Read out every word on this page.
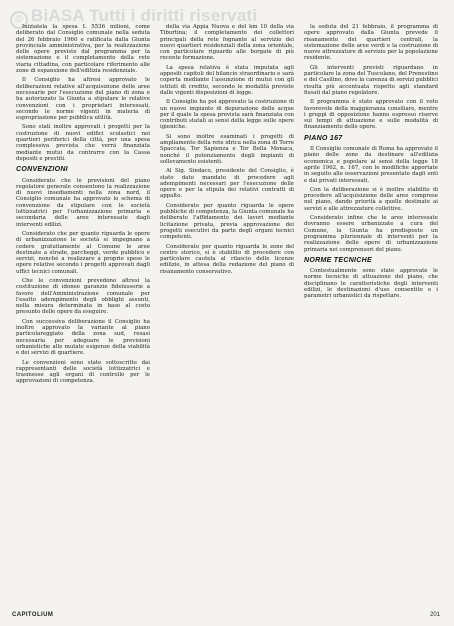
© BiASA Tutti i diritti riservati

Iniziatela la spesa L 5536 milioni, come deliberato dal Consiglio comunale nella seduta del 26 febbraio 1960 e ratificata dalla Giunta provinciale amministrativa, per la realizzazione delle opere previste dal programma per la sistemazione e il completamento della rete viaria cittadina, con particolare riferimento alle zone di espansione dell'edilizia residenziale.

Il Consiglio ha altresì approvato le deliberazioni relative all'acquisizione delle aree necessarie per l'esecuzione del piano di zona e ha autorizzato la Giunta a stipulare le relative convenzioni con i proprietari interessati, secondo le norme vigenti in materia di espropriazione per pubblica utilità.

Sono stati inoltre approvati i progetti per la costruzione di nuovi edifici scolastici nei quartieri periferici della città, per una spesa complessiva prevista che verrà finanziata mediante mutui da contrarre con la Cassa depositi e prestiti.

CONVENZIONI

Considerato che le previsioni del piano regolatore generale consentono la realizzazione di nuovi insediamenti nella zona nord, il Consiglio comunale ha approvato lo schema di convenzione da stipulare con le società lottizzatrici per l'urbanizzazione primaria e secondaria delle aree interessate dagli interventi edilizi.

Considerato che per quanto riguarda le opere di urbanizzazione le società si impegnano a cedere gratuitamente al Comune le aree destinate a strade, parcheggi, verde pubblico e servizi, nonché a realizzare a proprie spese le opere relative secondo i progetti approvati dagli uffici tecnici comunali.

Che le convenzioni prevedono altresì la costituzione di idonee garanzie fideiussorie a favore dell'Amministrazione comunale per l'esatto adempimento degli obblighi assunti, nella misura determinata in base al costo presunto delle opere da eseguire.

Con successiva deliberazione il Consiglio ha inoltre approvato la variante al piano particolareggiato della zona sud, resasi necessaria per adeguare le previsioni urbanistiche alle mutate esigenze della viabilità e dei servizi di quartiere.

Le convenzioni sono state sottoscritte dai rappresentanti delle società lottizzatrici e trasmesse agli organi di controllo per le approvazioni di competenza.

della via Appia Nuova e del km 10 della via Tiburtina; il completamento dei collettori principali della rete fognante al servizio dei nuovi quartieri residenziali della zona orientale, con particolare riguardo alle borgate di più recente formazione.

La spesa relativa è stata imputata agli appositi capitoli del bilancio straordinario e sarà coperta mediante l'assunzione di mutui con gli istituti di credito, secondo le modalità previste dalle vigenti disposizioni di legge.

Il Consiglio ha poi approvato la costruzione di un nuovo impianto di depurazione delle acque per il quale la spesa prevista sarà finanziata con contributi statali ai sensi della legge sulle opere igieniche.

Si sono inoltre esaminati i progetti di ampliamento della rete idrica nella zona di Torre Spaccata, Tor Sapienza e Tor Bella Monaca, nonché il potenziamento degli impianti di sollevamento esistenti.

Al Sig. Sindaco, presidente del Consiglio, è stato dato mandato di procedere agli adempimenti necessari per l'esecuzione delle opere e per la stipula dei relativi contratti di appalto.

Considerato per quanto riguarda le opere pubbliche di competenza, la Giunta comunale ha deliberato l'affidamento dei lavori mediante licitazione privata, previa approvazione dei progetti esecutivi da parte degli organi tecnici competenti.

Considerato per quanto riguarda le zone del centro storico, si è stabilito di procedere con particolare cautela al rilascio delle licenze edilizie, in attesa della redazione del piano di risanamento conservativo.

la seduta del 21 febbraio, il programma di opere approvato dalla Giunta prevede il risanamento dei quartieri centrali, la sistemazione delle aree verdi e la costruzione di nuove attrezzature di servizio per la popolazione residente.

Gli interventi previsti riguardano in particolare la zona del Tuscolano, del Prenestino e del Casilino, dove la carenza di servizi pubblici risulta più accentuata rispetto agli standard fissati dal piano regolatore.

Il programma è stato approvato con il voto favorevole della maggioranza consiliare, mentre i gruppi di opposizione hanno espresso riserve sui tempi di attuazione e sulle modalità di finanziamento delle opere.

PIANO 167

Il Consiglio comunale di Roma ha approvato il piano delle zone da destinare all'edilizia economica e popolare ai sensi della legge 18 aprile 1962, n. 167, con le modifiche apportate in seguito alle osservazioni presentate dagli enti e dai privati interessati.

Con la deliberazione si è inoltre stabilito di procedere all'acquisizione delle aree comprese nel piano, dando priorità a quelle destinate ai servizi e alle attrezzature collettive.

Considerato infine che le aree interessate dovranno essere urbanizzate a cura del Comune, la Giunta ha predisposto un programma pluriennale di interventi per la realizzazione delle opere di urbanizzazione primaria nei comprensori del piano.

NORME TECNICHE

Contestualmente sono state approvate le norme tecniche di attuazione del piano, che disciplinano le caratteristiche degli interventi edilizi, le destinazioni d'uso consentite e i parametri urbanistici da rispettare.

CAPITOLIUM	201
